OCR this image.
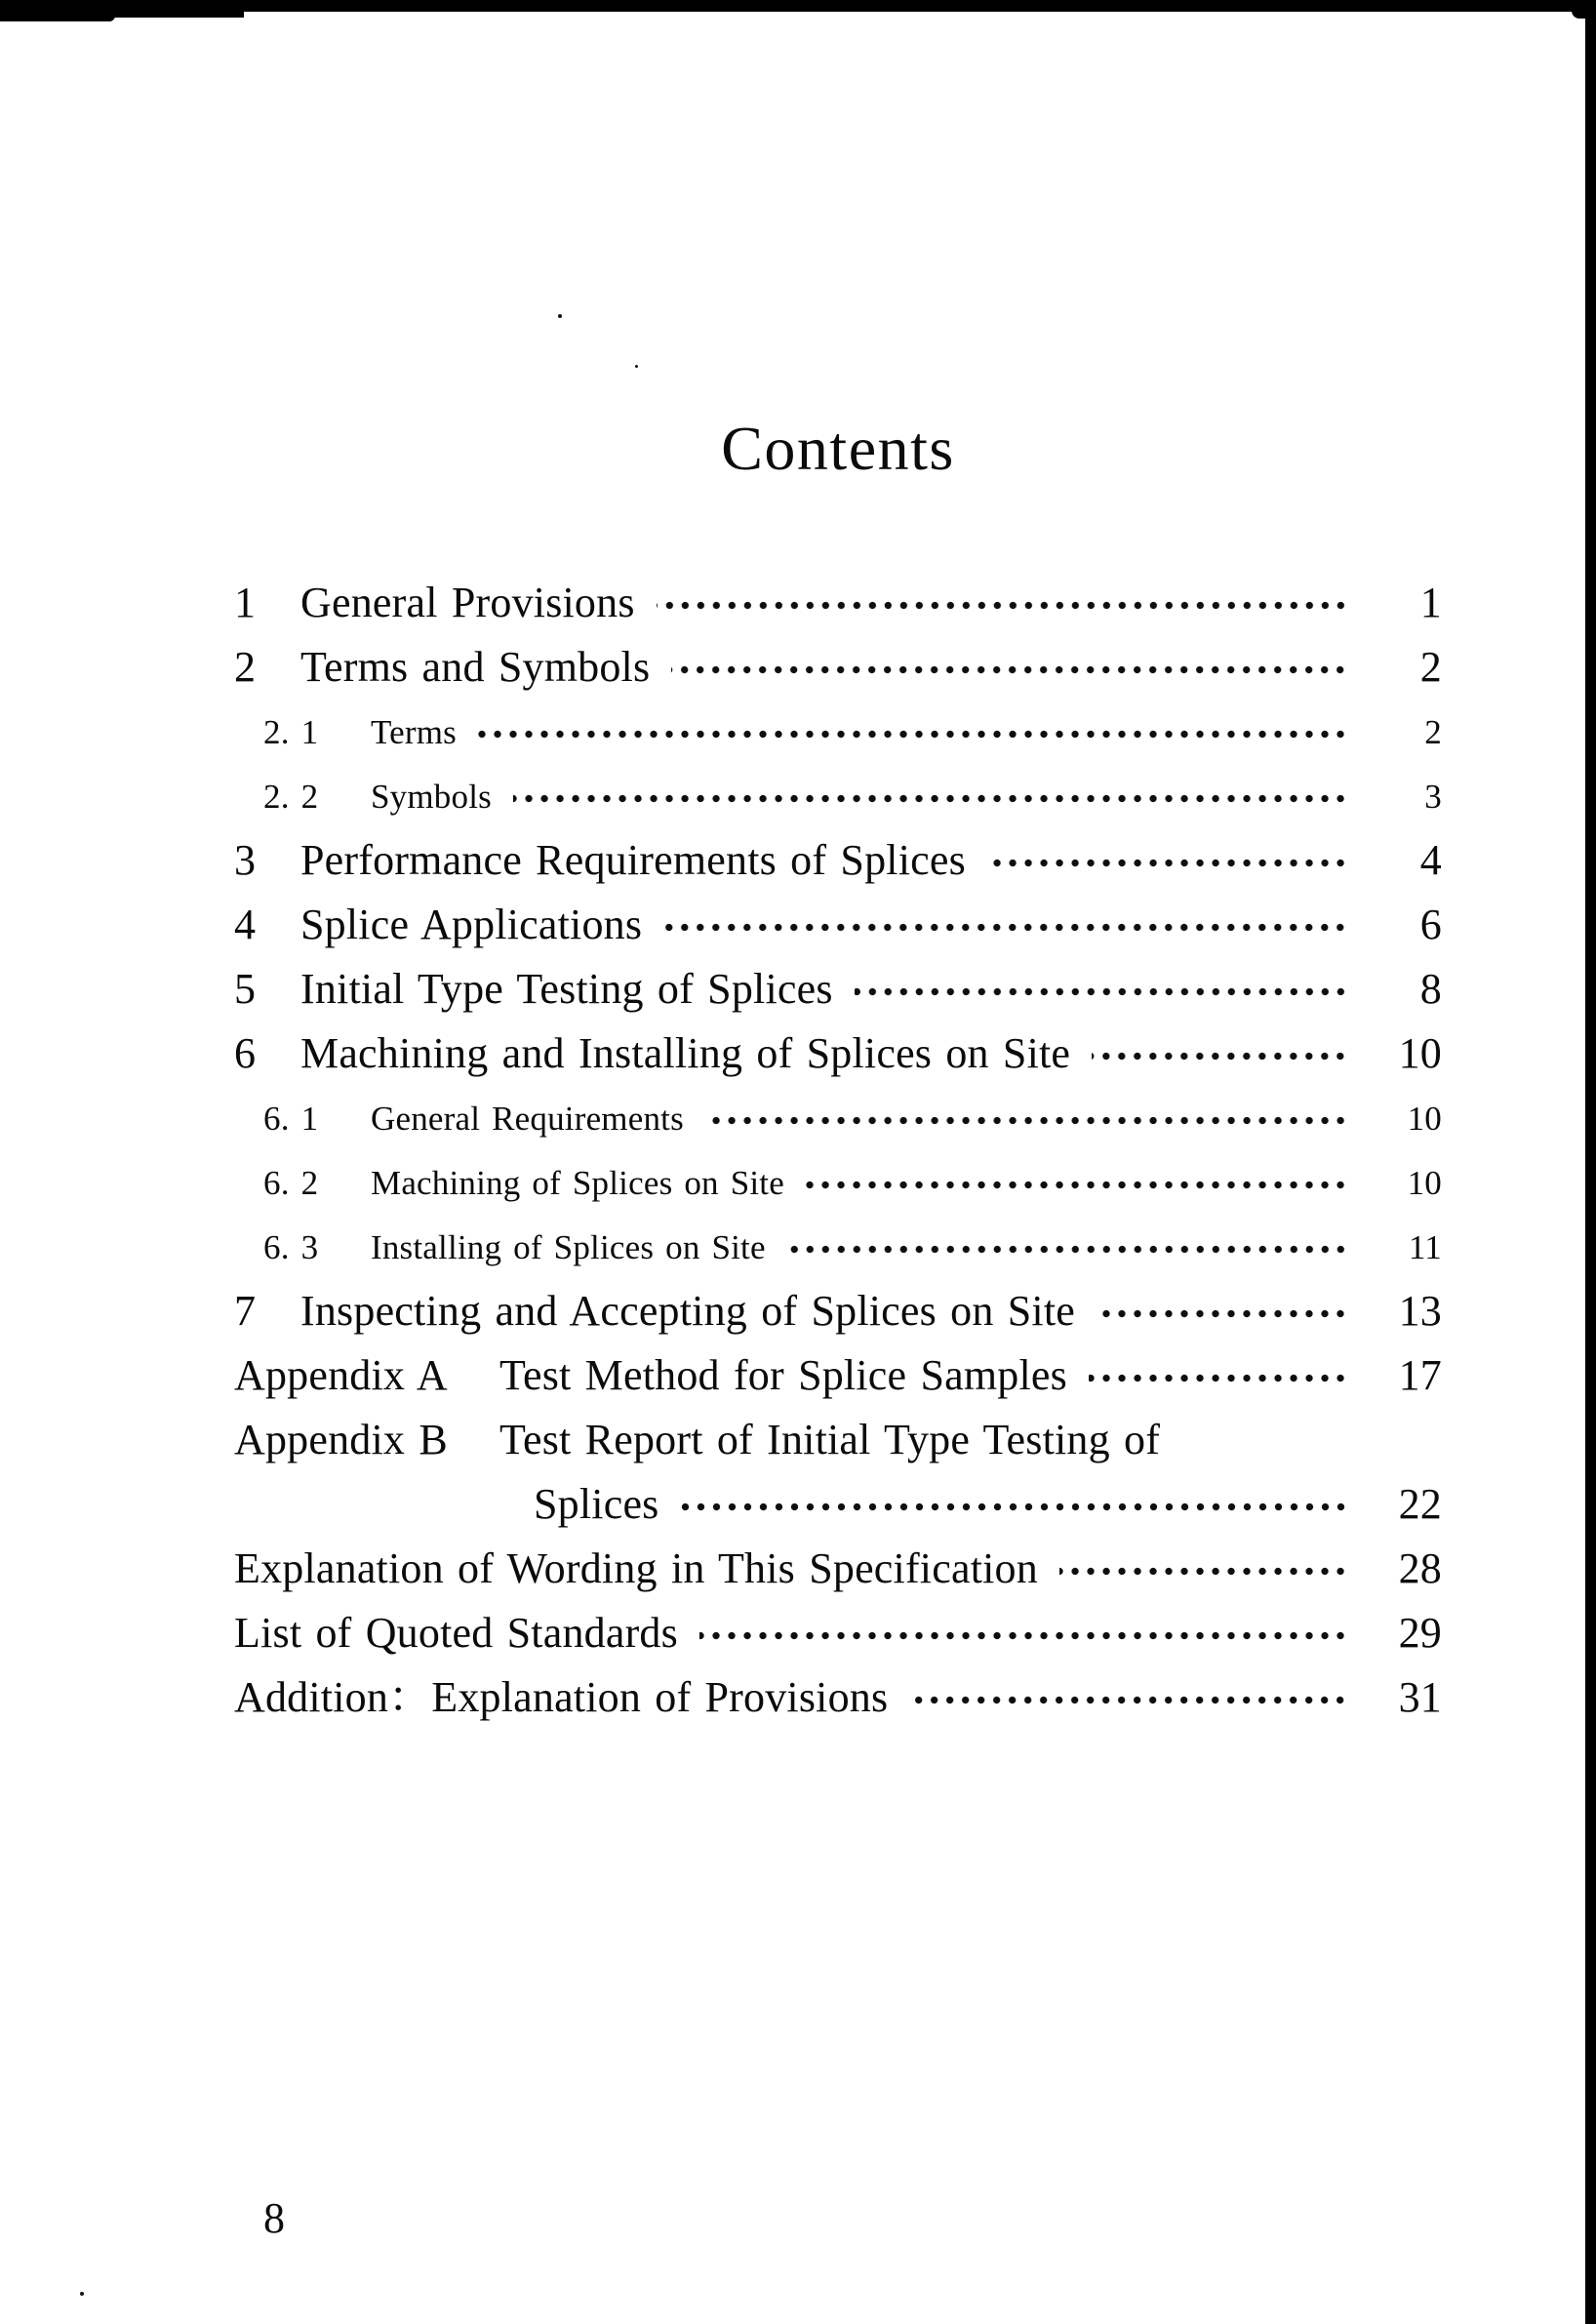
Contents
1	General Provisions	1
2	Terms and Symbols	2
2. 1	Terms	2
2. 2	Symbols	3
3	Performance Requirements of Splices	4
4	Splice Applications	6
5	Initial Type Testing of Splices	8
6	Machining and Installing of Splices on Site	10
6. 1	General Requirements	10
6. 2	Machining of Splices on Site	10
6. 3	Installing of Splices on Site	11
7	Inspecting and Accepting of Splices on Site	13
Appendix A	Test Method for Splice Samples	17
Appendix B	Test Report of Initial Type Testing of
Splices	22
Explanation of Wording in This Specification	28
List of Quoted Standards	29
Addition：Explanation of Provisions	31
8
